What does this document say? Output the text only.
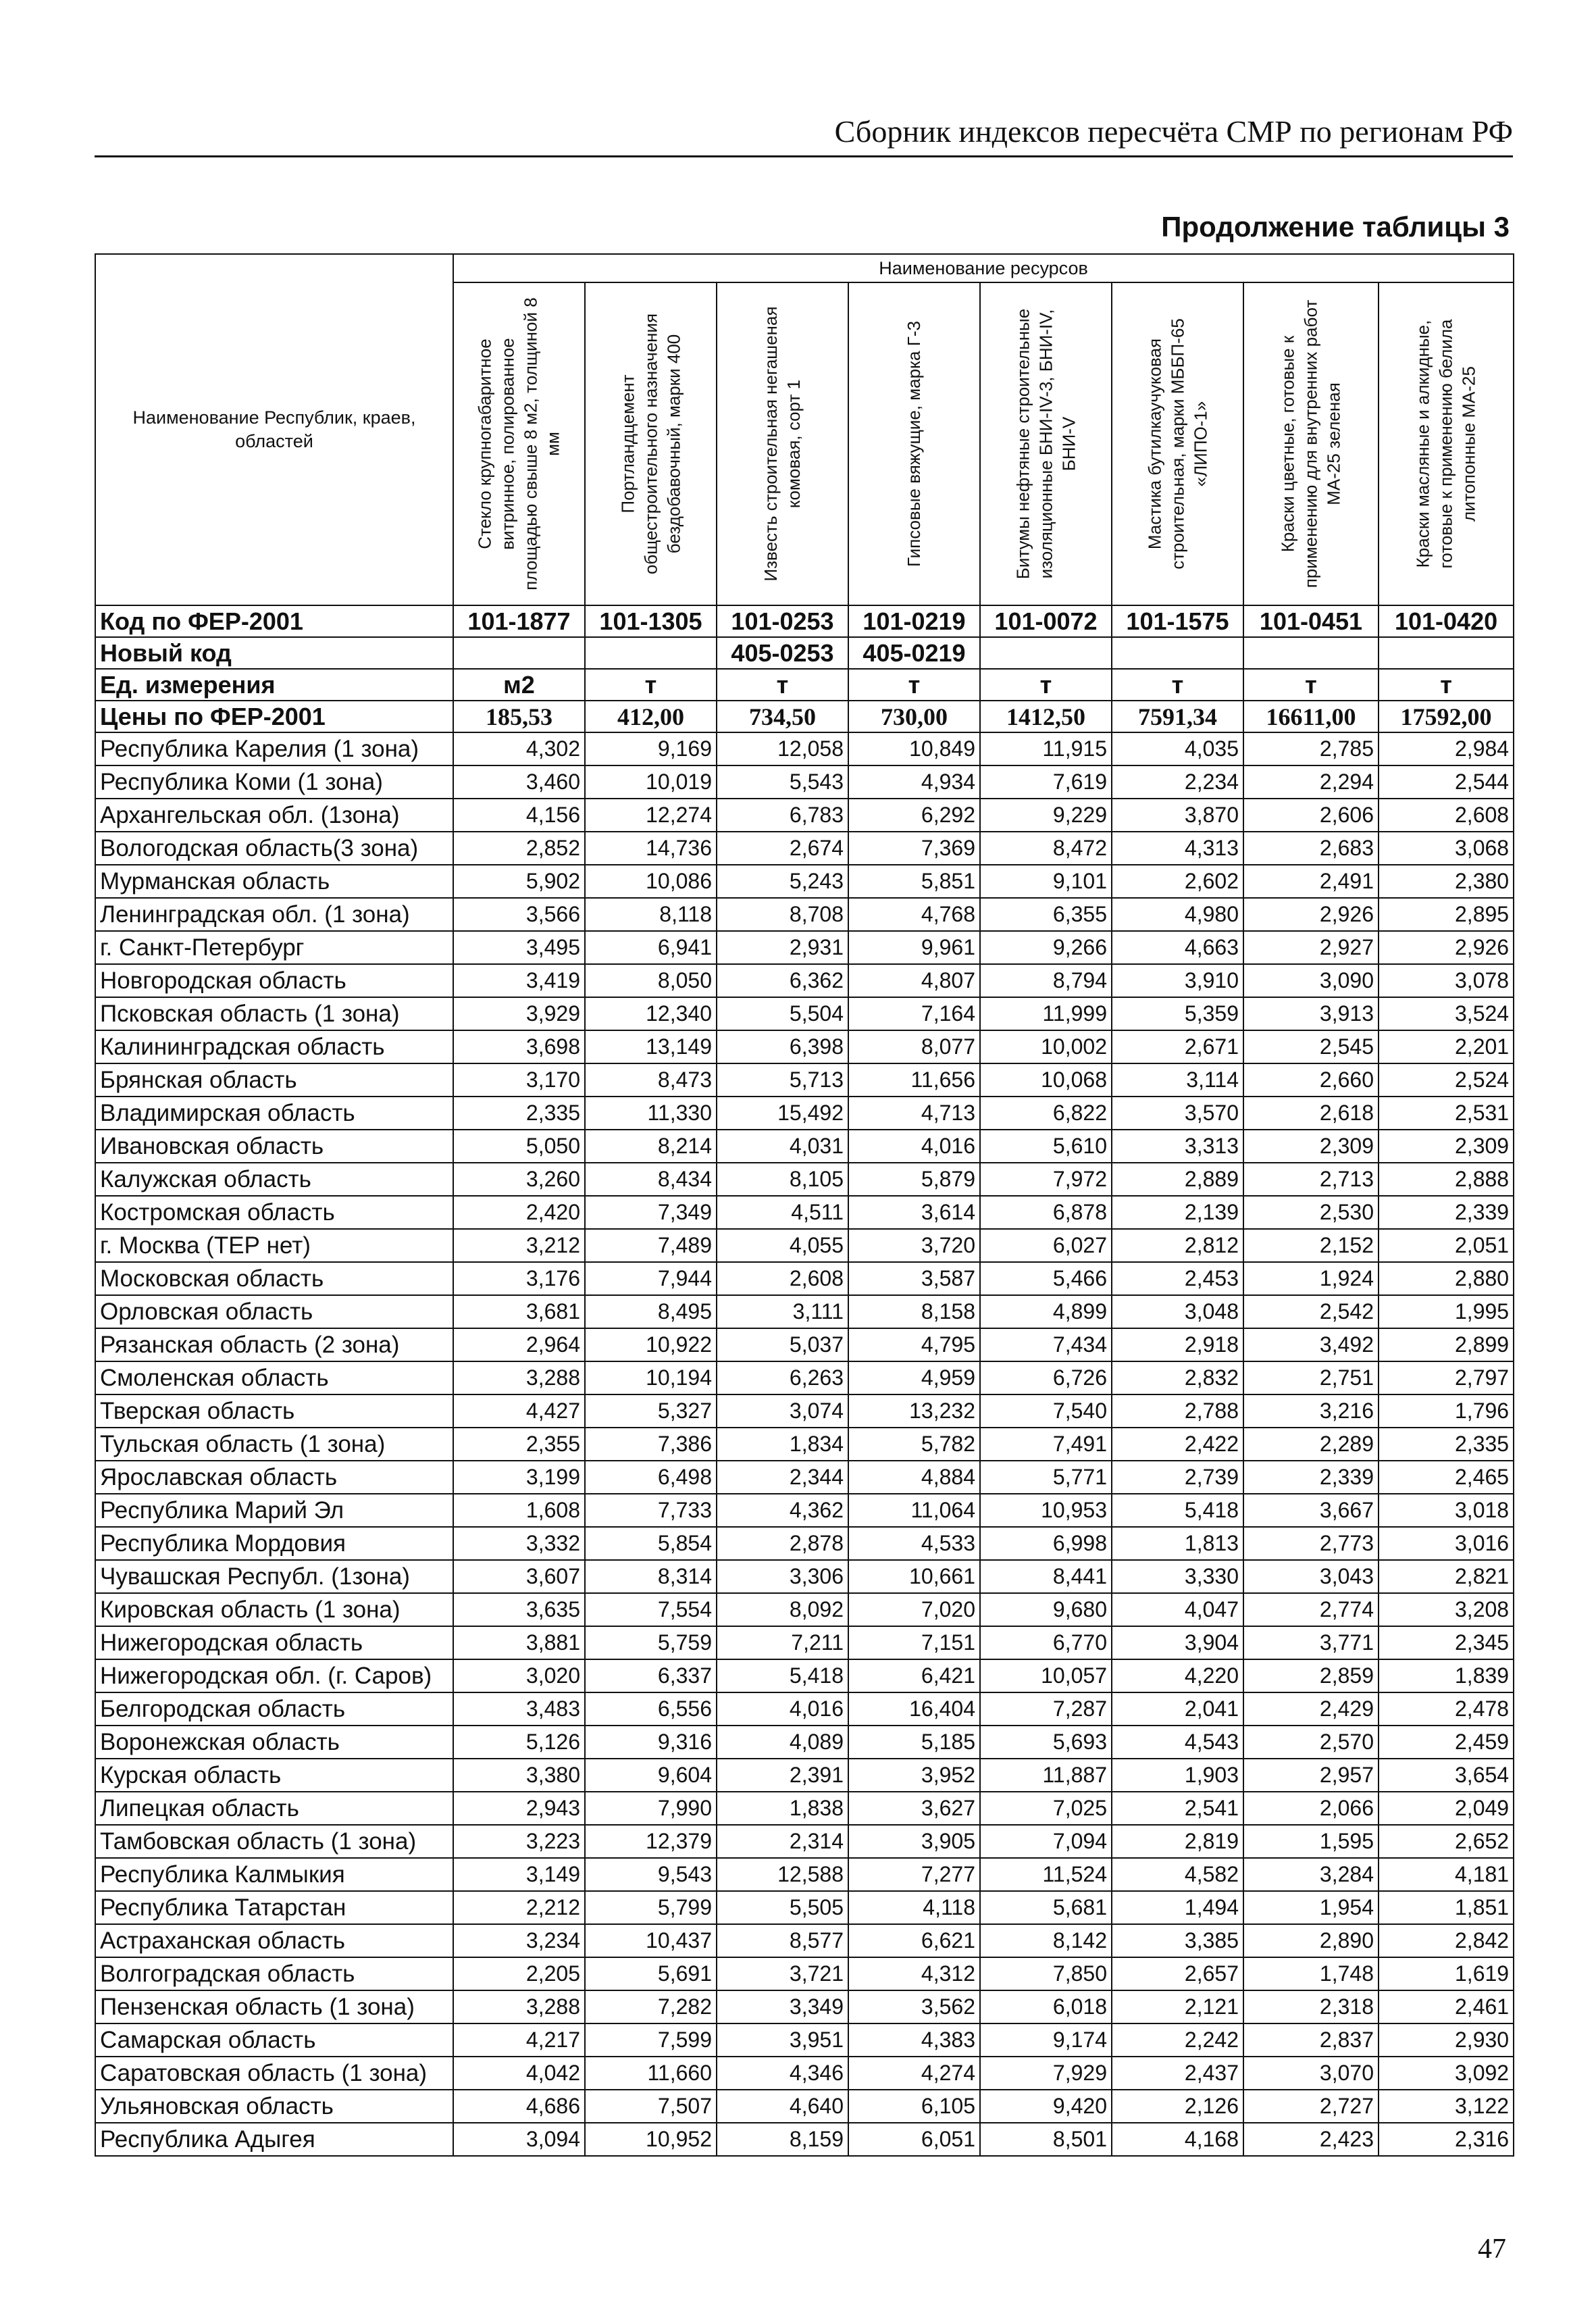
Сборник индексов пересчёта СМР по регионам РФ
Продолжение таблицы 3
Наименование Республик, краев, областей	Наименование ресурсов							

	Стекло крупногабаритное витринное, полированное площадью свыше 8 м2, толщиной 8 мм	Портландцемент общестроительного назначения бездобавочный, марки 400	Известь строительная негашеная комовая, сорт 1	Гипсовые вяжущие, марка Г-3	Битумы нефтяные строительные изоляционные БНИ-IV-3, БНИ-IV, БНИ-V	Мастика бутилкаучуковая строительная, марки МББП-65 «ЛИПО-1»	Краски цветные, готовые к применению для внутренних работ МА-25 зеленая	Краски масляные и алкидные, готовые к применению белила литопонные МА-25

Код по ФЕР-2001	101-1877	101-1305	101-0253	101-0219	101-0072	101-1575	101-0451	101-0420
Новый код			405-0253	405-0219				
Ед. измерения	м2	т	т	т	т	т	т	т
Цены по ФЕР-2001	185,53	412,00	734,50	730,00	1412,50	7591,34	16611,00	17592,00
Республика Карелия (1 зона)	4,302	9,169	12,058	10,849	11,915	4,035	2,785	2,984
Республика Коми (1 зона)	3,460	10,019	5,543	4,934	7,619	2,234	2,294	2,544
Архангельская обл. (1зона)	4,156	12,274	6,783	6,292	9,229	3,870	2,606	2,608
Вологодская область(3 зона)	2,852	14,736	2,674	7,369	8,472	4,313	2,683	3,068
Мурманская область	5,902	10,086	5,243	5,851	9,101	2,602	2,491	2,380
Ленинградская обл. (1 зона)	3,566	8,118	8,708	4,768	6,355	4,980	2,926	2,895
г. Санкт-Петербург	3,495	6,941	2,931	9,961	9,266	4,663	2,927	2,926
Новгородская область	3,419	8,050	6,362	4,807	8,794	3,910	3,090	3,078
Псковская область (1 зона)	3,929	12,340	5,504	7,164	11,999	5,359	3,913	3,524
Калининградская область	3,698	13,149	6,398	8,077	10,002	2,671	2,545	2,201
Брянская область	3,170	8,473	5,713	11,656	10,068	3,114	2,660	2,524
Владимирская область	2,335	11,330	15,492	4,713	6,822	3,570	2,618	2,531
Ивановская область	5,050	8,214	4,031	4,016	5,610	3,313	2,309	2,309
Калужская область	3,260	8,434	8,105	5,879	7,972	2,889	2,713	2,888
Костромская область	2,420	7,349	4,511	3,614	6,878	2,139	2,530	2,339
г. Москва (ТЕР нет)	3,212	7,489	4,055	3,720	6,027	2,812	2,152	2,051
Московская область	3,176	7,944	2,608	3,587	5,466	2,453	1,924	2,880
Орловская область	3,681	8,495	3,111	8,158	4,899	3,048	2,542	1,995
Рязанская область (2 зона)	2,964	10,922	5,037	4,795	7,434	2,918	3,492	2,899
Смоленская область	3,288	10,194	6,263	4,959	6,726	2,832	2,751	2,797
Тверская область	4,427	5,327	3,074	13,232	7,540	2,788	3,216	1,796
Тульская область (1 зона)	2,355	7,386	1,834	5,782	7,491	2,422	2,289	2,335
Ярославская область	3,199	6,498	2,344	4,884	5,771	2,739	2,339	2,465
Республика Марий Эл	1,608	7,733	4,362	11,064	10,953	5,418	3,667	3,018
Республика Мордовия	3,332	5,854	2,878	4,533	6,998	1,813	2,773	3,016
Чувашская Республ. (1зона)	3,607	8,314	3,306	10,661	8,441	3,330	3,043	2,821
Кировская область (1 зона)	3,635	7,554	8,092	7,020	9,680	4,047	2,774	3,208
Нижегородская область	3,881	5,759	7,211	7,151	6,770	3,904	3,771	2,345
Нижегородская обл. (г. Саров)	3,020	6,337	5,418	6,421	10,057	4,220	2,859	1,839
Белгородская область	3,483	6,556	4,016	16,404	7,287	2,041	2,429	2,478
Воронежская область	5,126	9,316	4,089	5,185	5,693	4,543	2,570	2,459
Курская область	3,380	9,604	2,391	3,952	11,887	1,903	2,957	3,654
Липецкая область	2,943	7,990	1,838	3,627	7,025	2,541	2,066	2,049
Тамбовская область (1 зона)	3,223	12,379	2,314	3,905	7,094	2,819	1,595	2,652
Республика Калмыкия	3,149	9,543	12,588	7,277	11,524	4,582	3,284	4,181
Республика Татарстан	2,212	5,799	5,505	4,118	5,681	1,494	1,954	1,851
Астраханская область	3,234	10,437	8,577	6,621	8,142	3,385	2,890	2,842
Волгоградская область	2,205	5,691	3,721	4,312	7,850	2,657	1,748	1,619
Пензенская область (1 зона)	3,288	7,282	3,349	3,562	6,018	2,121	2,318	2,461
Самарская область	4,217	7,599	3,951	4,383	9,174	2,242	2,837	2,930
Саратовская область (1 зона)	4,042	11,660	4,346	4,274	7,929	2,437	3,070	3,092
Ульяновская область	4,686	7,507	4,640	6,105	9,420	2,126	2,727	3,122
Республика Адыгея	3,094	10,952	8,159	6,051	8,501	4,168	2,423	2,316
47
